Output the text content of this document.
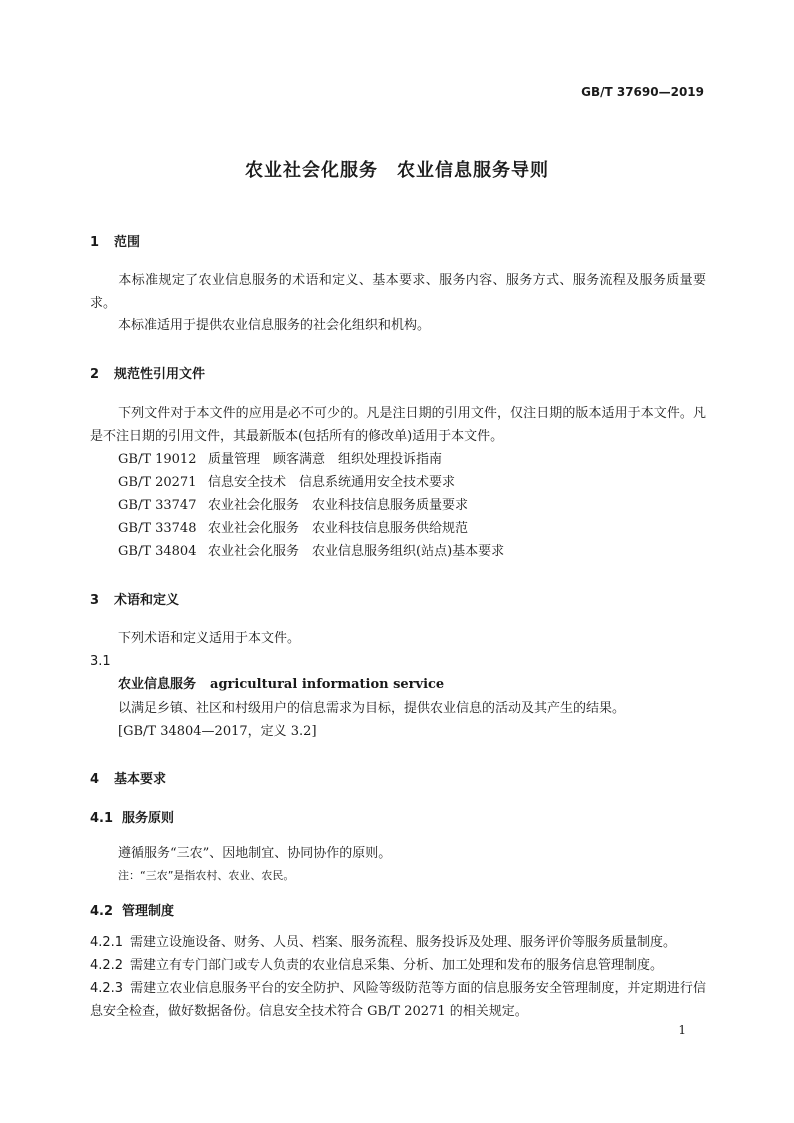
GB/T 37690—2019
农业社会化服务　农业信息服务导则
1 范围
本标准规定了农业信息服务的术语和定义、基本要求、服务内容、服务方式、服务流程及服务质量要求。
本标准适用于提供农业信息服务的社会化组织和机构。
2 规范性引用文件
下列文件对于本文件的应用是必不可少的。凡是注日期的引用文件，仅注日期的版本适用于本文件。凡是不注日期的引用文件，其最新版本(包括所有的修改单)适用于本文件。
GB/T 19012 质量管理　顾客满意　组织处理投诉指南
GB/T 20271 信息安全技术　信息系统通用安全技术要求
GB/T 33747 农业社会化服务　农业科技信息服务质量要求
GB/T 33748 农业社会化服务　农业科技信息服务供给规范
GB/T 34804 农业社会化服务　农业信息服务组织(站点)基本要求
3 术语和定义
下列术语和定义适用于本文件。
3.1
农业信息服务 agricultural information service
以满足乡镇、社区和村级用户的信息需求为目标，提供农业信息的活动及其产生的结果。
[GB/T 34804—2017，定义 3.2]
4 基本要求
4.1 服务原则
遵循服务“三农”、因地制宜、协同协作的原则。
注：“三农”是指农村、农业、农民。
4.2 管理制度
4.2.1 需建立设施设备、财务、人员、档案、服务流程、服务投诉及处理、服务评价等服务质量制度。
4.2.2 需建立有专门部门或专人负责的农业信息采集、分析、加工处理和发布的服务信息管理制度。
4.2.3 需建立农业信息服务平台的安全防护、风险等级防范等方面的信息服务安全管理制度，并定期进行信息安全检查，做好数据备份。信息安全技术符合 GB/T 20271 的相关规定。
1
